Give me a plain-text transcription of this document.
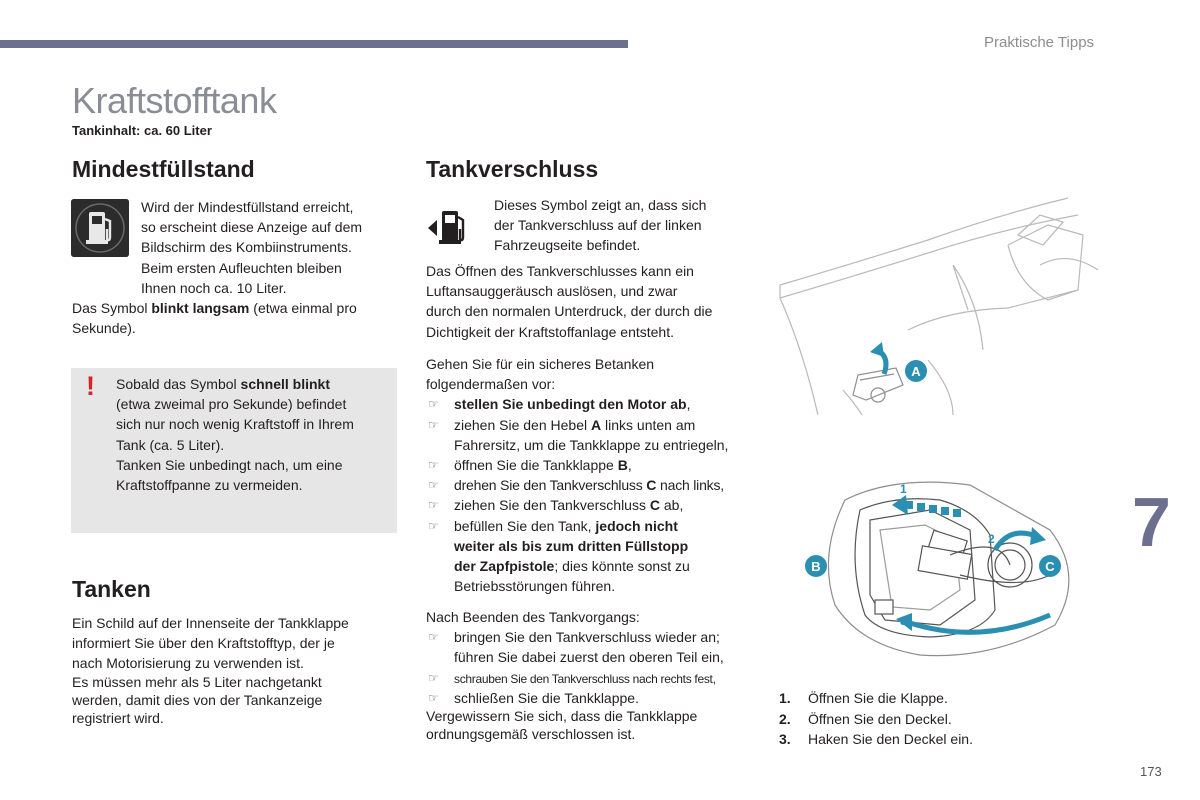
Praktische Tipps
Kraftstofftank
Tankinhalt: ca. 60 Liter
Mindestfüllstand
Wird der Mindestfüllstand erreicht,
so erscheint diese Anzeige auf dem
Bildschirm des Kombiinstruments.
Beim ersten Aufleuchten bleiben
Ihnen noch ca. 10 Liter.
Das Symbol blinkt langsam (etwa einmal pro
Sekunde).
! Sobald das Symbol schnell blinkt
(etwa zweimal pro Sekunde) befindet
sich nur noch wenig Kraftstoff in Ihrem
Tank (ca. 5 Liter).
Tanken Sie unbedingt nach, um eine
Kraftstoffpanne zu vermeiden.
Tanken
Ein Schild auf der Innenseite der Tankklappe
informiert Sie über den Kraftstofftyp, der je
nach Motorisierung zu verwenden ist.
Es müssen mehr als 5 Liter nachgetankt
werden, damit dies von der Tankanzeige
registriert wird.
Tankverschluss
Dieses Symbol zeigt an, dass sich
der Tankverschluss auf der linken
Fahrzeugseite befindet.
Das Öffnen des Tankverschlusses kann ein
Luftansauggeräusch auslösen, und zwar
durch den normalen Unterdruck, der durch die
Dichtigkeit der Kraftstoffanlage entsteht.
Gehen Sie für ein sicheres Betanken
folgendermaßen vor:
☞ stellen Sie unbedingt den Motor ab,
☞ ziehen Sie den Hebel A links unten am
Fahrersitz, um die Tankklappe zu entriegeln,
☞ öffnen Sie die Tankklappe B,
☞ drehen Sie den Tankverschluss C nach links,
☞ ziehen Sie den Tankverschluss C ab,
☞ befüllen Sie den Tank, jedoch nicht
weiter als bis zum dritten Füllstopp
der Zapfpistole; dies könnte sonst zu
Betriebsstörungen führen.
Nach Beenden des Tankvorgangs:
☞ bringen Sie den Tankverschluss wieder an;
führen Sie dabei zuerst den oberen Teil ein,
☞ schrauben Sie den Tankverschluss nach rechts fest,
☞ schließen Sie die Tankklappe.
Vergewissern Sie sich, dass die Tankklappe
ordnungsgemäß verschlossen ist.
A
1
2
3
B	C
1. Öffnen Sie die Klappe.
2. Öffnen Sie den Deckel.
3. Haken Sie den Deckel ein.
7
173
